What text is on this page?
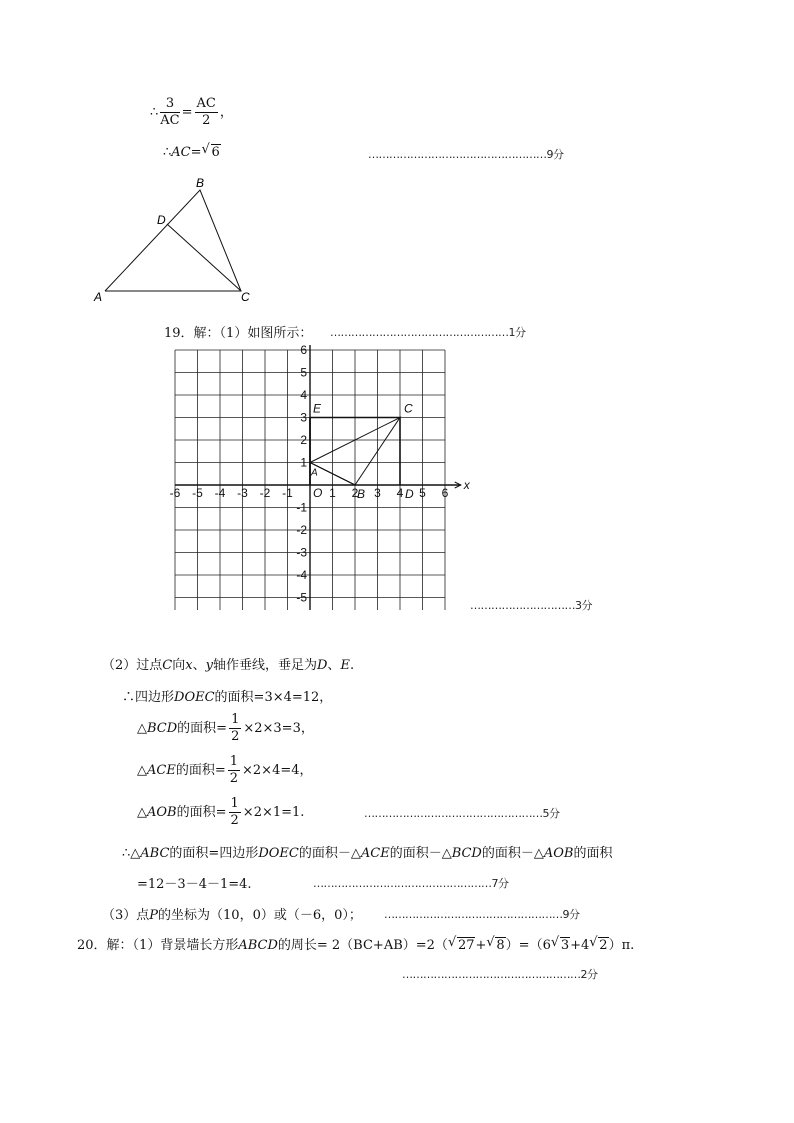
∴ $\frac{3}{AC} = \frac{AC}{2}$ ，
∴AC= √ 6	……………………………………………9分
A
B
C
D
19．解：（1）如图所示： ……………………………………………1分
x
-6 -5 -4 -3 -2 -1	1 2 3 4 5 6
6
5
4
3
2
1
-1
-2
-3
-4
-5
O
E	C
A
B	D
…………………………3分
（2）过点C向x、y轴作垂线，垂足为D、E.
∴四边形DOEC的面积=3×4=12，
△BCD的面积= $\frac{1}{2} \times 2\times 3=3$，
△ACE的面积= $\frac{1}{2} \times 2\times 4=4$，
△AOB的面积= $\frac{1}{2} \times 2\times 1=1$.	……………………………………………5分
∴△ABC的面积=四边形DOEC的面积－△ACE的面积－△BCD的面积－△AOB的面积
=12－3－4－1=4.	……………………………………………7分
（3）点P的坐标为（10，0）或（－6，0）； ……………………………………………9分
20．解：（1）背景墙长方形ABCD的周长= 2（BC+AB）=2（ √ 27+ √ 8）=（6 √ 3+4 √ 2）π.
……………………………………………2分
